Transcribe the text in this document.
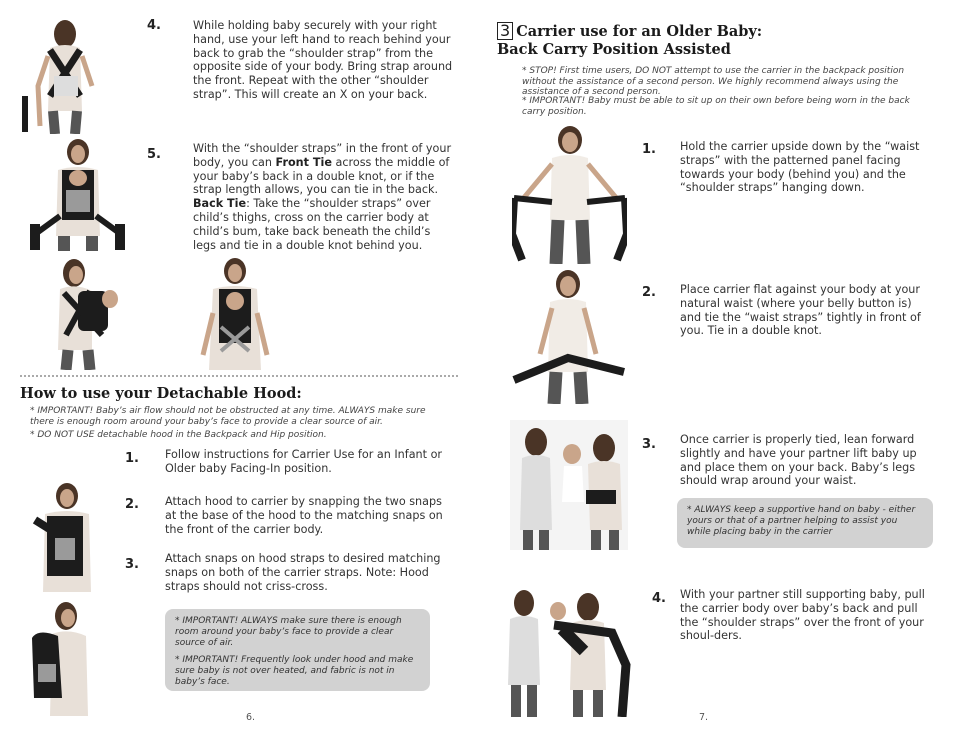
4.	While holding baby securely with your right hand, use your left hand to reach behind your back to grab the “shoulder strap” from the opposite side of your body. Bring strap around the front. Repeat with the other “shoulder strap”. This will create an X on your back.
5.	With the “shoulder straps” in the front of your body, you can Front Tie across the middle of your baby’s back in a double knot, or if the strap length allows, you can tie in the back. Back Tie: Take the “shoulder straps” over child’s thighs, cross on the carrier body at child’s bum, take back beneath the child’s legs and tie in a double knot behind you.
How to use your Detachable Hood:
* IMPORTANT! Baby’s air flow should not be obstructed at any time. ALWAYS make sure there is enough room around your baby’s face to provide a clear source of air.
* DO NOT USE detachable hood in the Backpack and Hip position.
1. Follow instructions for Carrier Use for an Infant or Older baby Facing-In position.
2. Attach hood to carrier by snapping the two snaps at the base of the hood to the matching snaps on the front of the carrier body.
3. Attach snaps on hood straps to desired matching snaps on both of the carrier straps. Note: Hood straps should not criss-cross.

* IMPORTANT! ALWAYS make sure there is enough room around your baby’s face to provide a clear source of air.

* IMPORTANT! Frequently look under hood and make sure baby is not over heated, and fabric is not in baby’s face.

6.
3 Carrier use for an Older Baby:
Back Carry Position Assisted
* STOP! First time users, DO NOT attempt to use the carrier in the backpack position without the assistance of a second person. We highly recommend always using the assistance of a second person.
* IMPORTANT! Baby must be able to sit up on their own before being worn in the back carry position.
1. Hold the carrier upside down by the “waist straps” with the patterned panel facing towards your body (behind you) and the “shoulder straps” hanging down.
2. Place carrier flat against your body at your natural waist (where your belly button is) and tie the “waist straps” tightly in front of you. Tie in a double knot.
3. Once carrier is properly tied, lean forward slightly and have your partner lift baby up and place them on your back. Baby’s legs should wrap around your waist.

* ALWAYS keep a supportive hand on baby - either yours or that of a partner helping to assist you while placing baby in the carrier

4. With your partner still supporting baby, pull the carrier body over baby’s back and pull the “shoulder straps” over the front of your shoul-ders.
7.
